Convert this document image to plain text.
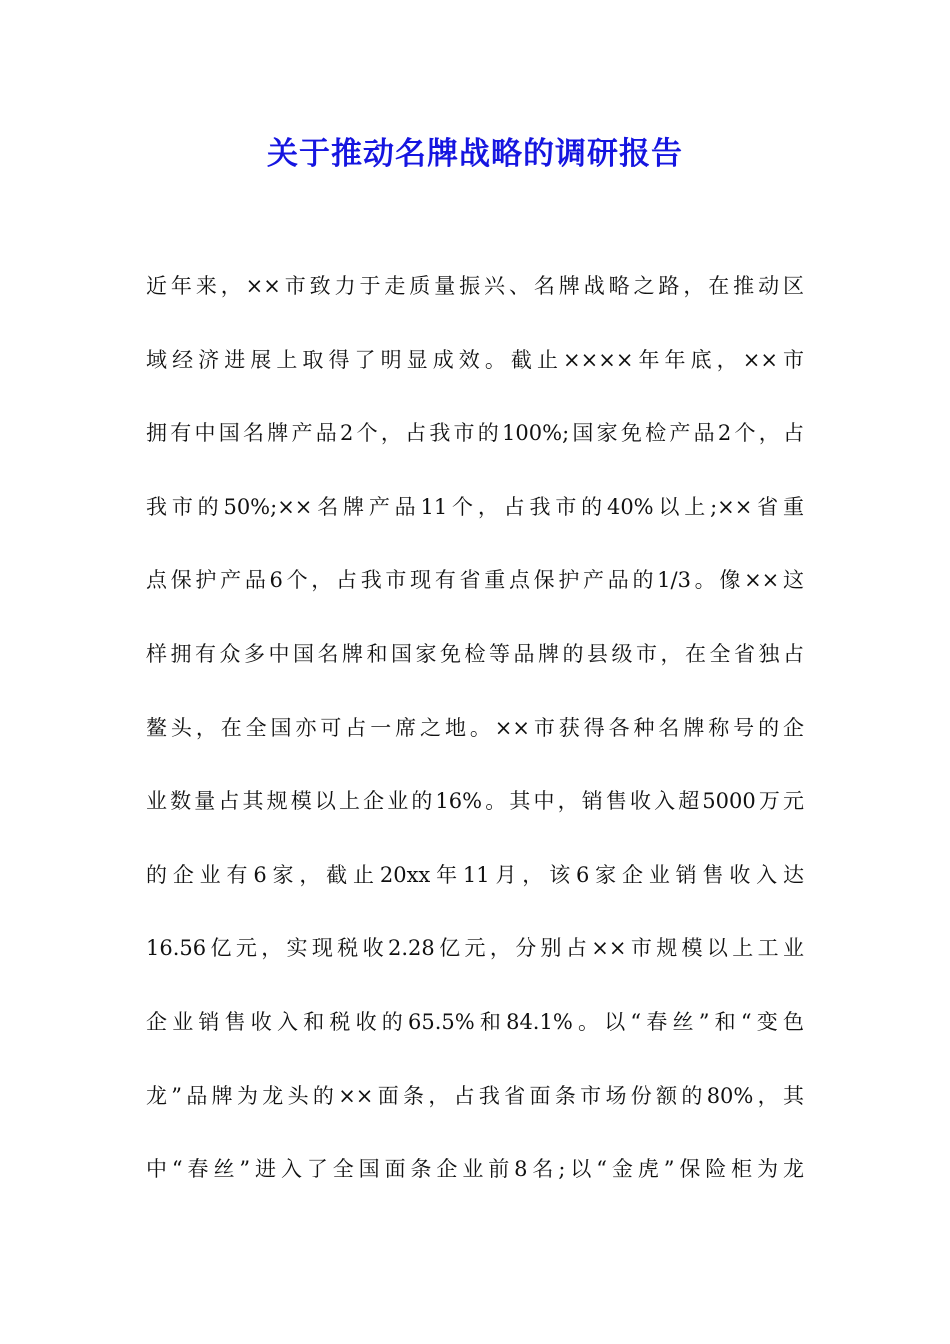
关于推动名牌战略的调研报告
近年来，××市致力于走质量振兴、名牌战略之路，在推动区
域经济进展上取得了明显成效。截止××××年年底，××市
拥有中国名牌产品2个，占我市的100%;国家免检产品2个，占
我市的50%;××名牌产品11个，占我市的40%以上;××省重
点保护产品6个，占我市现有省重点保护产品的1/3。像××这
样拥有众多中国名牌和国家免检等品牌的县级市，在全省独占
鳌头，在全国亦可占一席之地。××市获得各种名牌称号的企
业数量占其规模以上企业的16%。其中，销售收入超5000万元
的企业有6家，截止20xx年11月，该6家企业销售收入达
16.56亿元，实现税收2.28亿元，分别占××市规模以上工业
企业销售收入和税收的65.5%和84.1%。以“春丝”和“变色
龙”品牌为龙头的××面条，占我省面条市场份额的80%，其
中“春丝”进入了全国面条企业前8名;以“金虎”保险柜为龙
